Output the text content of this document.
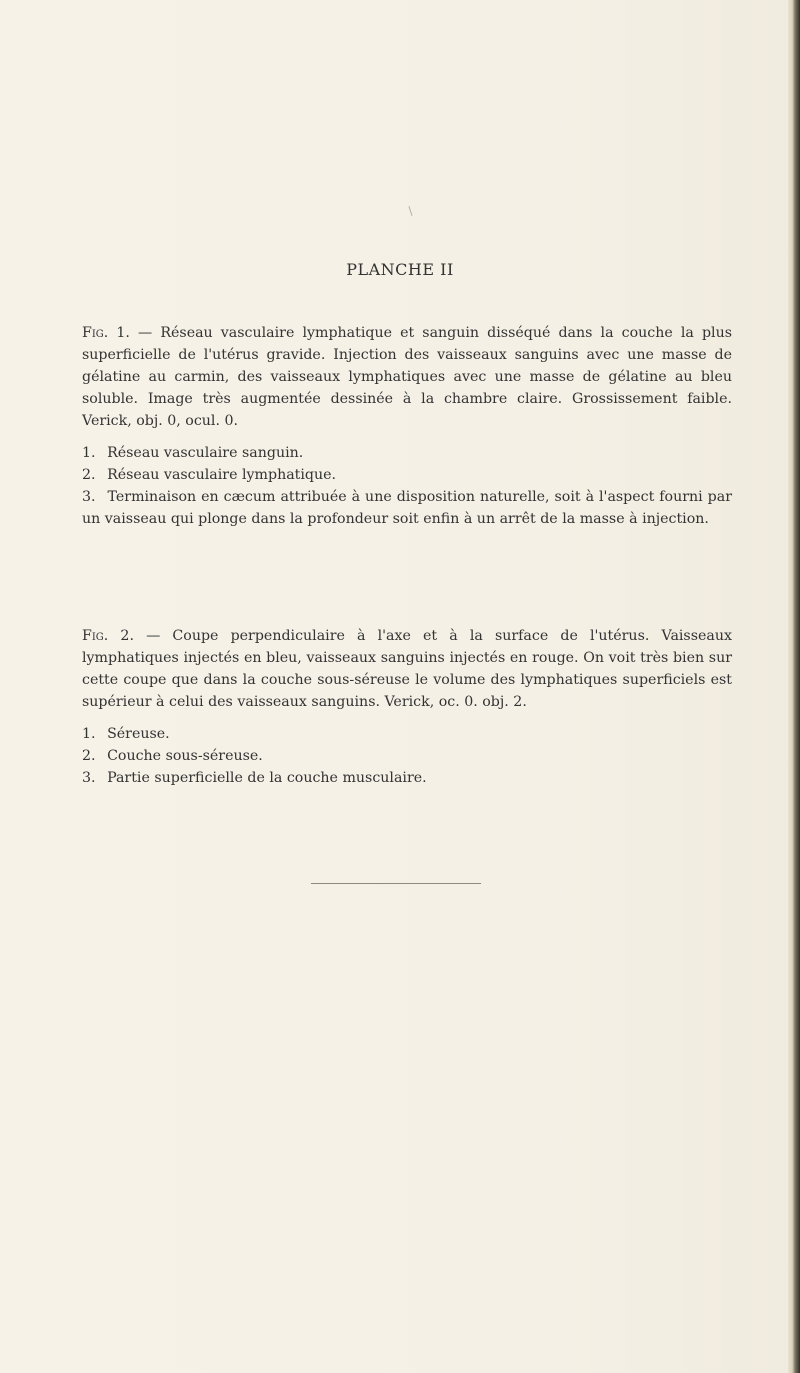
PLANCHE II

Fig. 1. — Réseau vasculaire lymphatique et sanguin disséqué dans la couche la plus superficielle de l'utérus gravide. Injection des vaisseaux sanguins avec une masse de gélatine au carmin, des vaisseaux lymphatiques avec une masse de gélatine au bleu soluble. Image très augmentée dessinée à la chambre claire. Grossissement faible. Verick, obj. 0, ocul. 0.

1. Réseau vasculaire sanguin.
2. Réseau vasculaire lymphatique.
3. Terminaison en cæcum attribuée à une disposition naturelle, soit à l'aspect fourni par un vaisseau qui plonge dans la profondeur soit enfin à un arrêt de la masse à injection.

Fig. 2. — Coupe perpendiculaire à l'axe et à la surface de l'utérus. Vaisseaux lymphatiques injectés en bleu, vaisseaux sanguins injectés en rouge. On voit très bien sur cette coupe que dans la couche sous-séreuse le volume des lymphatiques superficiels est supérieur à celui des vaisseaux sanguins. Verick, oc. 0. obj. 2.

1. Séreuse.
2. Couche sous-séreuse.
3. Partie superficielle de la couche musculaire.
